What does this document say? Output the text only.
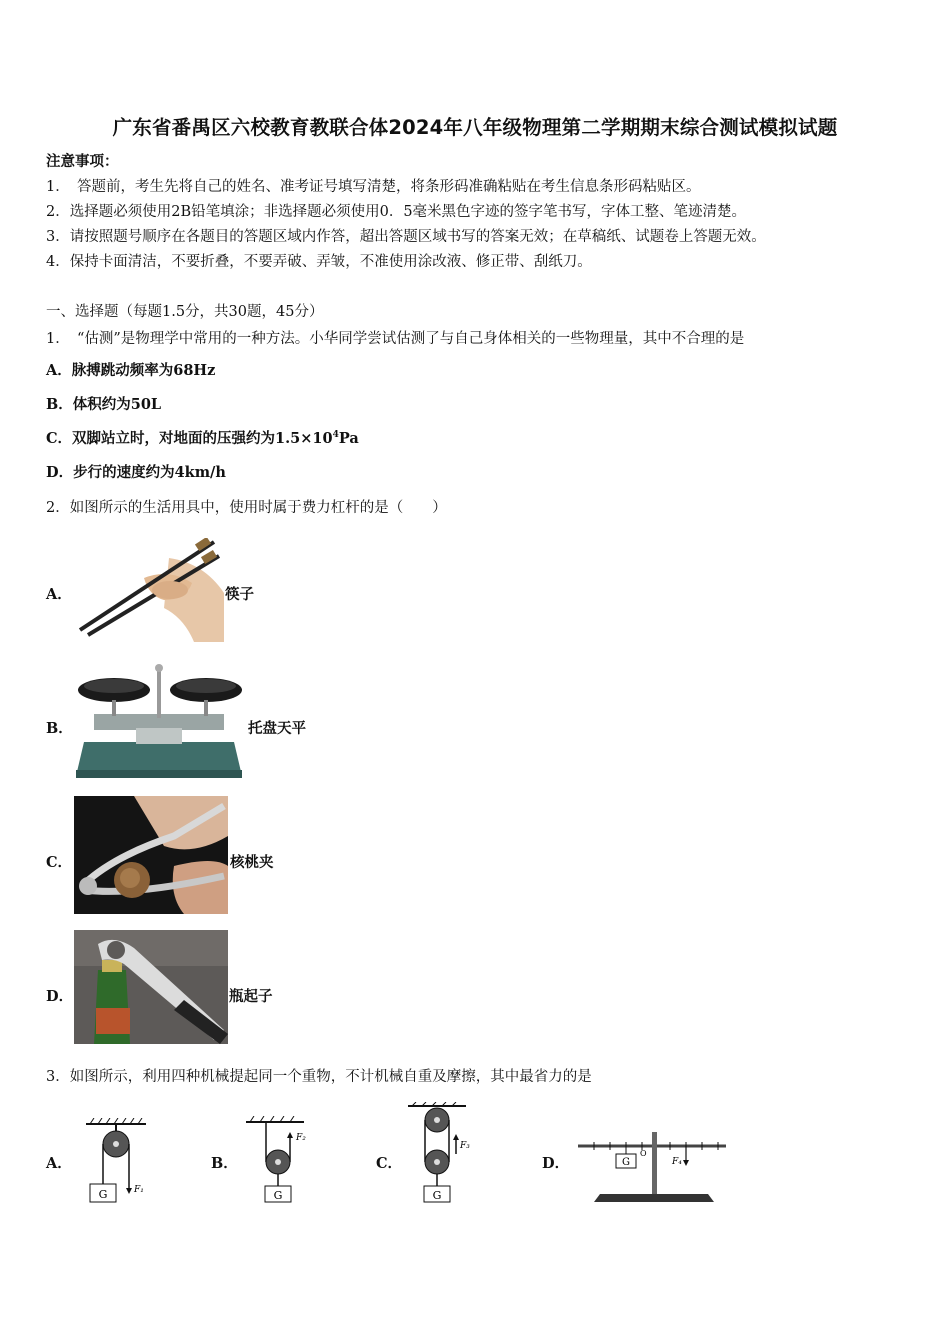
广东省番禺区六校教育教联合体2024年八年级物理第二学期期末综合测试模拟试题
注意事项：
1．　答题前，考生先将自己的姓名、准考证号填写清楚，将条形码准确粘贴在考生信息条形码粘贴区。
2．选择题必须使用2B铅笔填涂；非选择题必须使用0．5毫米黑色字迹的签字笔书写，字体工整、笔迹清楚。
3．请按照题号顺序在各题目的答题区域内作答，超出答题区域书写的答案无效；在草稿纸、试题卷上答题无效。
4．保持卡面清洁，不要折叠，不要弄破、弄皱，不准使用涂改液、修正带、刮纸刀。
一、选择题（每题1.5分，共30题，45分）
1．　“估测”是物理学中常用的一种方法。小华同学尝试估测了与自己身体相关的一些物理量，其中不合理的是
A．脉搏跳动频率为68Hz
B．体积约为50L
C．双脚站立时，对地面的压强约为$1.5\times 10^4Pa$
D．步行的速度约为4km/h
2．如图所示的生活用具中，使用时属于费力杠杆的是（　　）
A．	筷子
B．	托盘天平
C．	核桃夹
D．	瓶起子
3．如图所示，利用四种机械提起同一个重物，不计机械自重及摩擦，其中最省力的是
A．
G	F₁
B．
G
F₂
C．
G
F₃
D．	G
O
F₄
